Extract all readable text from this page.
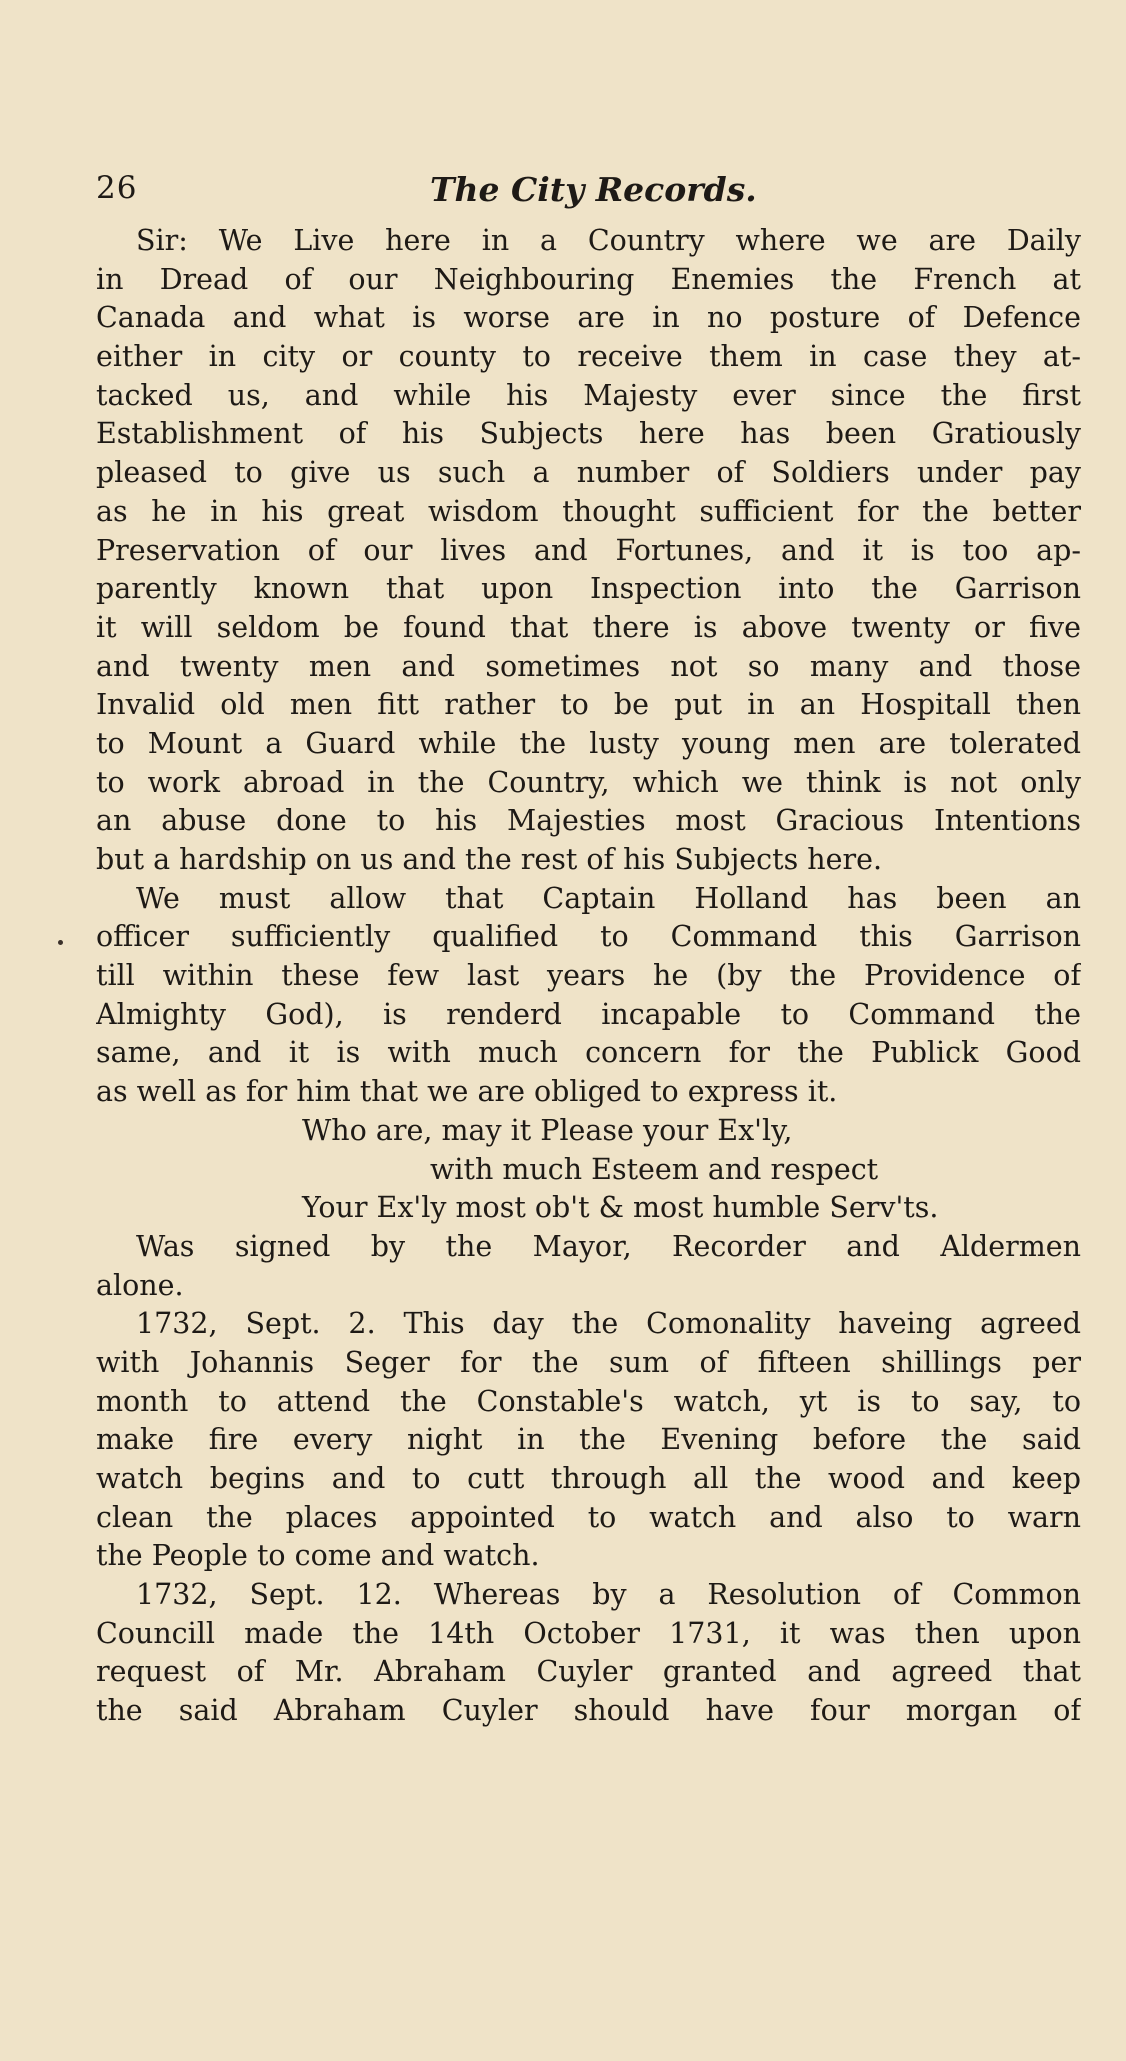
26	The City Records.
Sir: We Live here in a Country where we are Daily
in Dread of our Neighbouring Enemies the French at
Canada and what is worse are in no posture of Defence
either in city or county to receive them in case they at-
tacked us, and while his Majesty ever since the first
Establishment of his Subjects here has been Gratiously
pleased to give us such a number of Soldiers under pay
as he in his great wisdom thought sufficient for the better
Preservation of our lives and Fortunes, and it is too ap-
parently known that upon Inspection into the Garrison
it will seldom be found that there is above twenty or five
and twenty men and sometimes not so many and those
Invalid old men fitt rather to be put in an Hospitall then
to Mount a Guard while the lusty young men are tolerated
to work abroad in the Country, which we think is not only
an abuse done to his Majesties most Gracious Intentions
but a hardship on us and the rest of his Subjects here.
We must allow that Captain Holland has been an
officer sufficiently qualified to Command this Garrison
till within these few last years he (by the Providence of
Almighty God), is renderd incapable to Command the
same, and it is with much concern for the Publick Good
as well as for him that we are obliged to express it.
Who are, may it Please your Ex'ly,
with much Esteem and respect
Your Ex'ly most ob't & most humble Serv'ts.
Was signed by the Mayor, Recorder and Aldermen
alone.
1732, Sept. 2. This day the Comonality haveing agreed
with Johannis Seger for the sum of fifteen shillings per
month to attend the Constable's watch, yt is to say, to
make fire every night in the Evening before the said
watch begins and to cutt through all the wood and keep
clean the places appointed to watch and also to warn
the People to come and watch.
1732, Sept. 12. Whereas by a Resolution of Common
Councill made the 14th October 1731, it was then upon
request of Mr. Abraham Cuyler granted and agreed that
the said Abraham Cuyler should have four morgan of
